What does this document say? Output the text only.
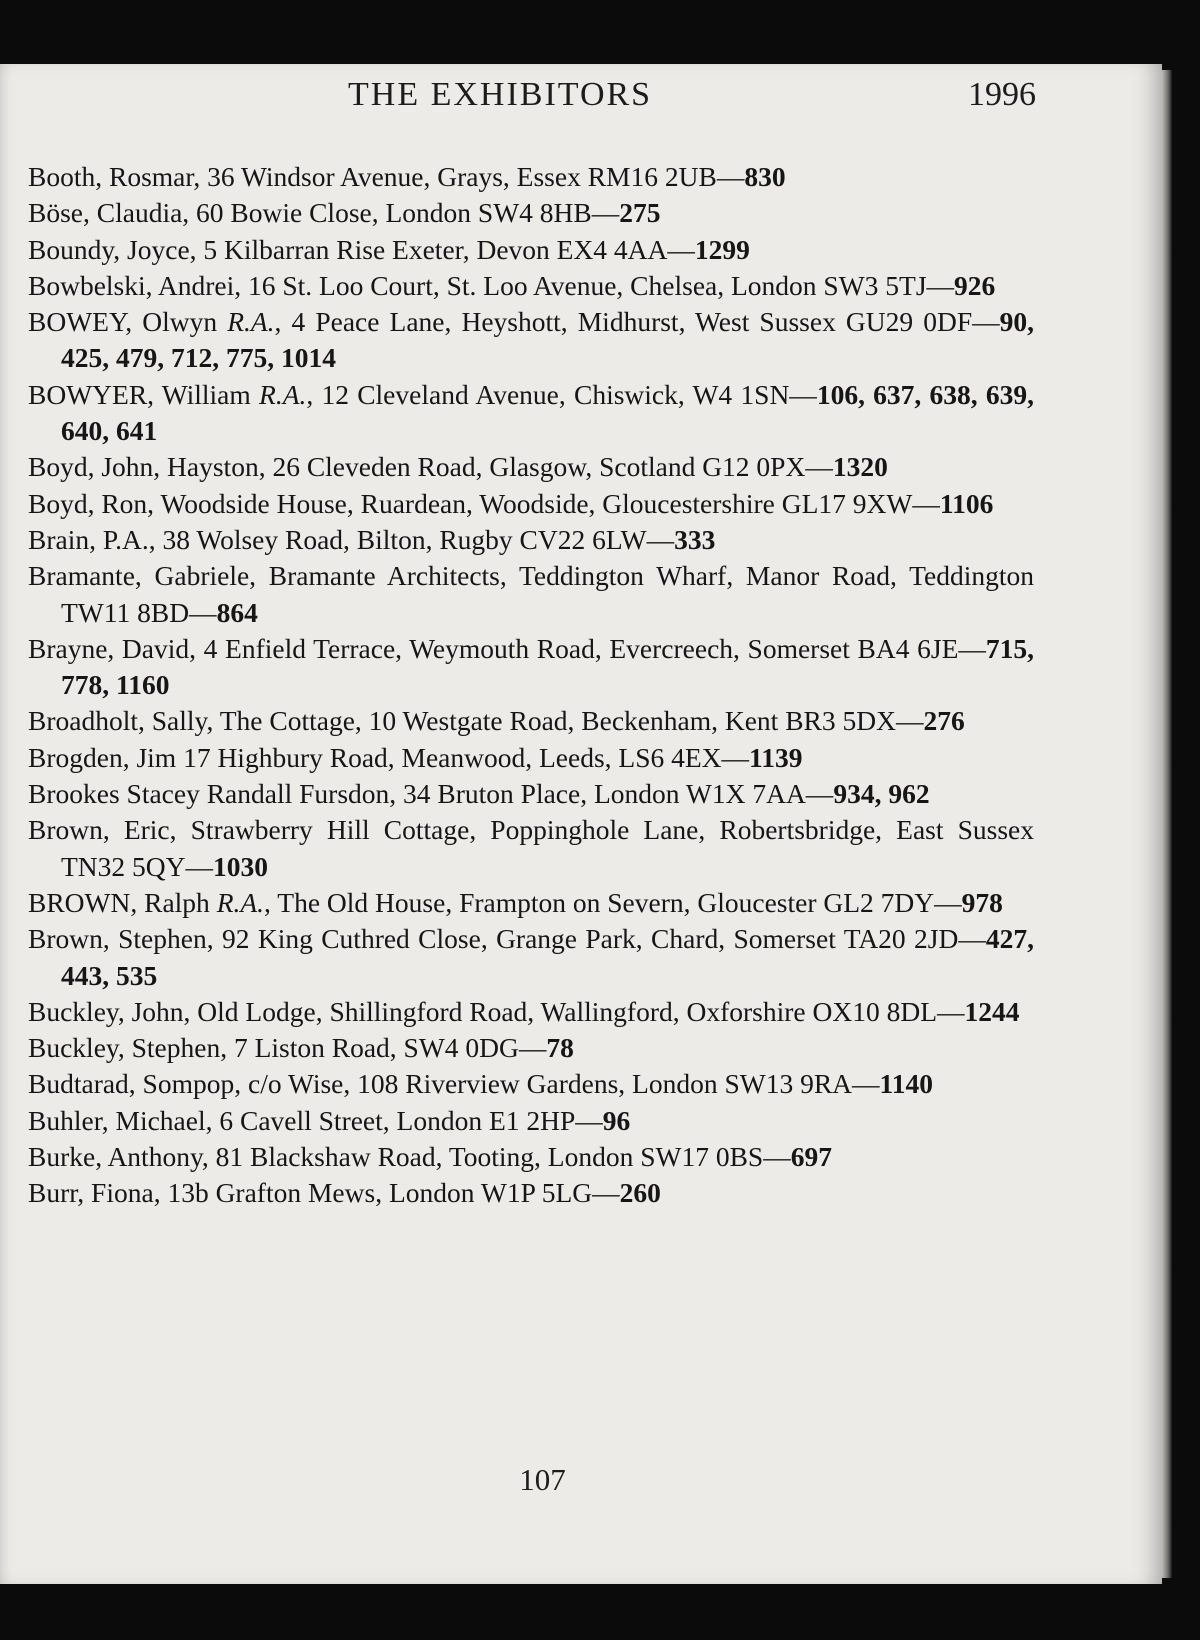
THE EXHIBITORS	1996
Booth, Rosmar, 36 Windsor Avenue, Grays, Essex RM16 2UB—830
Böse, Claudia, 60 Bowie Close, London SW4 8HB—275
Boundy, Joyce, 5 Kilbarran Rise Exeter, Devon EX4 4AA—1299
Bowbelski, Andrei, 16 St. Loo Court, St. Loo Avenue, Chelsea, London SW3 5TJ—926
BOWEY, Olwyn R.A., 4 Peace Lane, Heyshott, Midhurst, West Sussex GU29 0DF—90, 425, 479, 712, 775, 1014
BOWYER, William R.A., 12 Cleveland Avenue, Chiswick, W4 1SN—106, 637, 638, 639, 640, 641
Boyd, John, Hayston, 26 Cleveden Road, Glasgow, Scotland G12 0PX—1320
Boyd, Ron, Woodside House, Ruardean, Woodside, Gloucestershire GL17 9XW—1106
Brain, P.A., 38 Wolsey Road, Bilton, Rugby CV22 6LW—333
Bramante, Gabriele, Bramante Architects, Teddington Wharf, Manor Road, Teddington TW11 8BD—864
Brayne, David, 4 Enfield Terrace, Weymouth Road, Evercreech, Somerset BA4 6JE—715, 778, 1160
Broadholt, Sally, The Cottage, 10 Westgate Road, Beckenham, Kent BR3 5DX—276
Brogden, Jim 17 Highbury Road, Meanwood, Leeds, LS6 4EX—1139
Brookes Stacey Randall Fursdon, 34 Bruton Place, London W1X 7AA—934, 962
Brown, Eric, Strawberry Hill Cottage, Poppinghole Lane, Robertsbridge, East Sussex TN32 5QY—1030
BROWN, Ralph R.A., The Old House, Frampton on Severn, Gloucester GL2 7DY—978
Brown, Stephen, 92 King Cuthred Close, Grange Park, Chard, Somerset TA20 2JD—427, 443, 535
Buckley, John, Old Lodge, Shillingford Road, Wallingford, Oxforshire OX10 8DL—1244
Buckley, Stephen, 7 Liston Road, SW4 0DG—78
Budtarad, Sompop, c/o Wise, 108 Riverview Gardens, London SW13 9RA—1140
Buhler, Michael, 6 Cavell Street, London E1 2HP—96
Burke, Anthony, 81 Blackshaw Road, Tooting, London SW17 0BS—697
Burr, Fiona, 13b Grafton Mews, London W1P 5LG—260
107
